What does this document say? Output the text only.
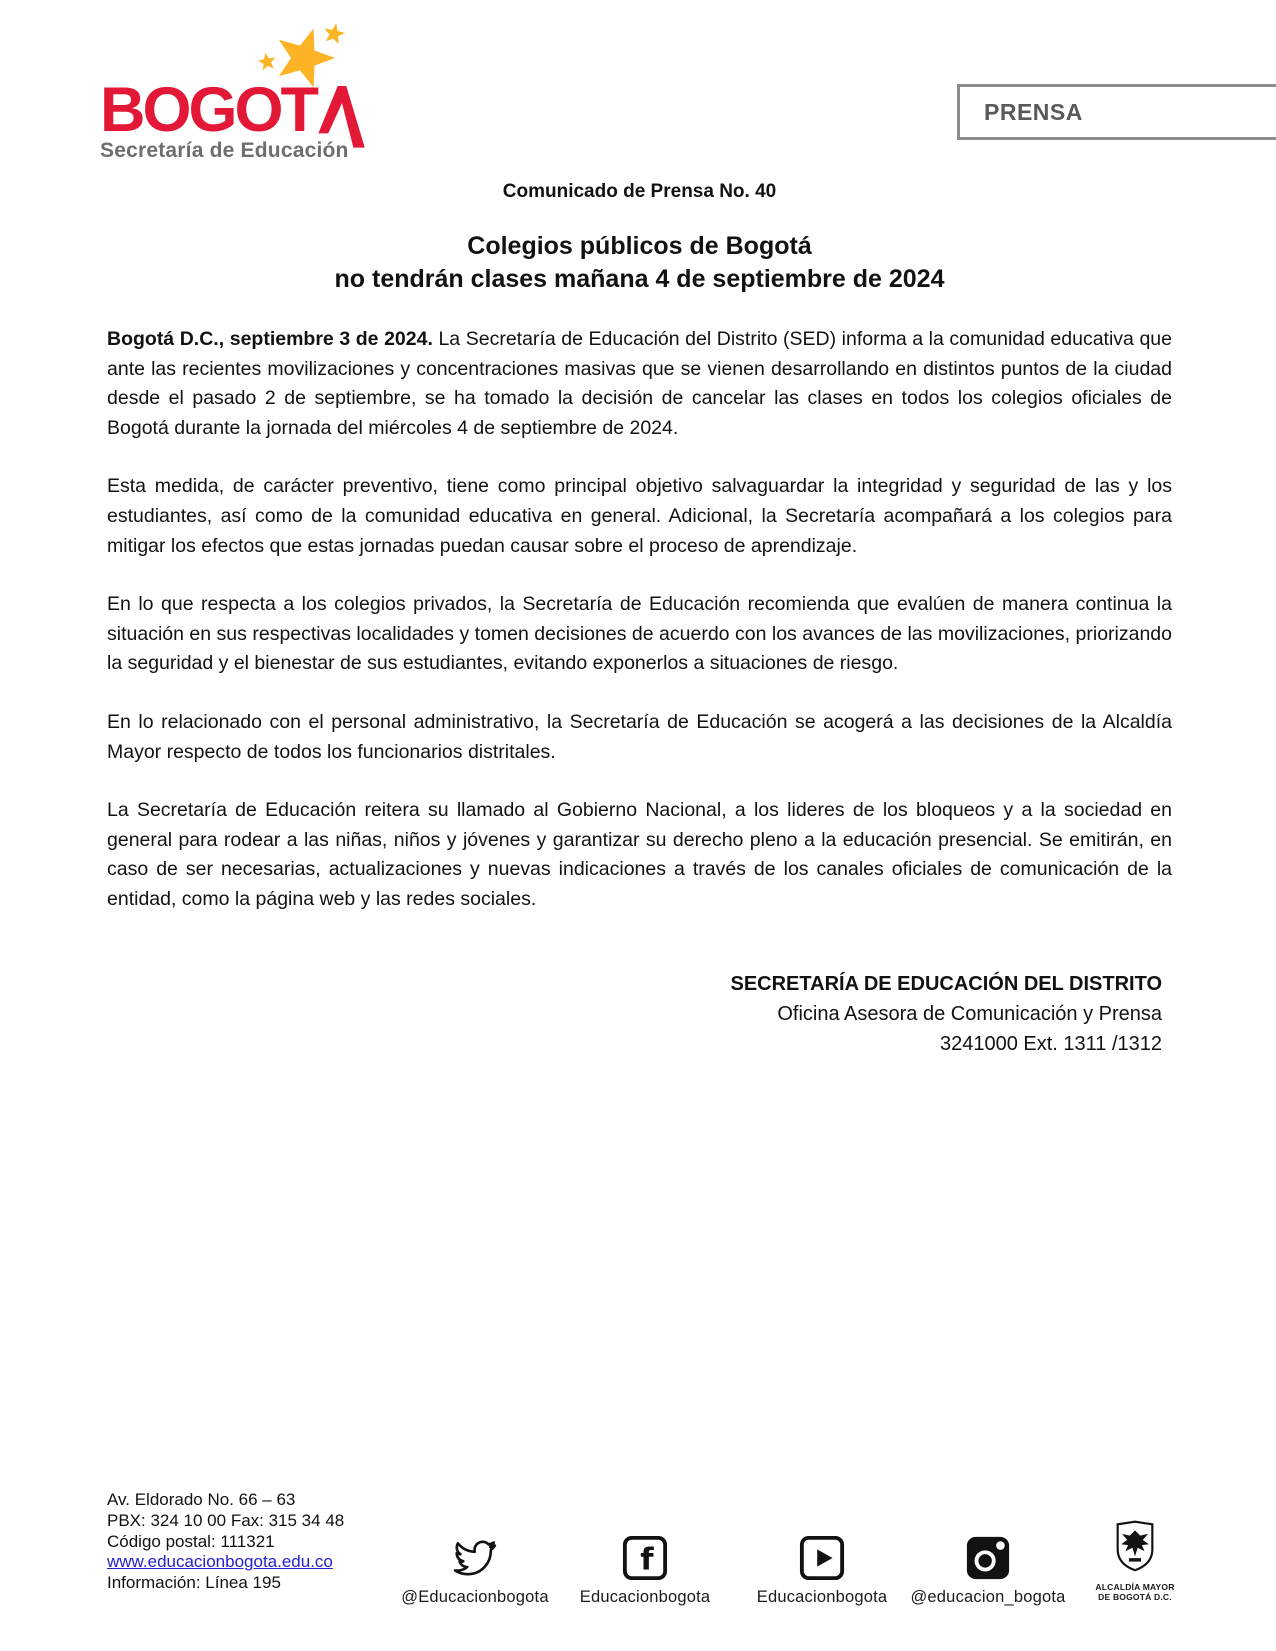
BOGOT
Secretaría de Educación
PRENSA
Comunicado de Prensa No. 40
Colegios públicos de Bogotá
no tendrán clases mañana 4 de septiembre de 2024

Bogotá D.C., septiembre 3 de 2024. La Secretaría de Educación del Distrito (SED) informa a la comunidad educativa que ante las recientes movilizaciones y concentraciones masivas que se vienen desarrollando en distintos puntos de la ciudad desde el pasado 2 de septiembre, se ha tomado la decisión de cancelar las clases en todos los colegios oficiales de Bogotá durante la jornada del miércoles 4 de septiembre de 2024.

Esta medida, de carácter preventivo, tiene como principal objetivo salvaguardar la integridad y seguridad de las y los estudiantes, así como de la comunidad educativa en general. Adicional, la Secretaría acompañará a los colegios para mitigar los efectos que estas jornadas puedan causar sobre el proceso de aprendizaje.

En lo que respecta a los colegios privados, la Secretaría de Educación recomienda que evalúen de manera continua la situación en sus respectivas localidades y tomen decisiones de acuerdo con los avances de las movilizaciones, priorizando la seguridad y el bienestar de sus estudiantes, evitando exponerlos a situaciones de riesgo.

En lo relacionado con el personal administrativo, la Secretaría de Educación se acogerá a las decisiones de la Alcaldía Mayor respecto de todos los funcionarios distritales.

La Secretaría de Educación reitera su llamado al Gobierno Nacional, a los lideres de los bloqueos y a la sociedad en general para rodear a las niñas, niños y jóvenes y garantizar su derecho pleno a la educación presencial. Se emitirán, en caso de ser necesarias, actualizaciones y nuevas indicaciones a través de los canales oficiales de comunicación de la entidad, como la página web y las redes sociales.

SECRETARÍA DE EDUCACIÓN DEL DISTRITO
Oficina Asesora de Comunicación y Prensa
3241000 Ext. 1311 /1312
Av. Eldorado No. 66 – 63
PBX: 324 10 00 Fax: 315 34 48
Código postal: 111321
www.educacionbogota.edu.co
Información: Línea 195
@Educacionbogota
f
Educacionbogota	Educacionbogota @educacion_bogota
ALCALDÍA MAYOR
DE BOGOTÁ D.C.
